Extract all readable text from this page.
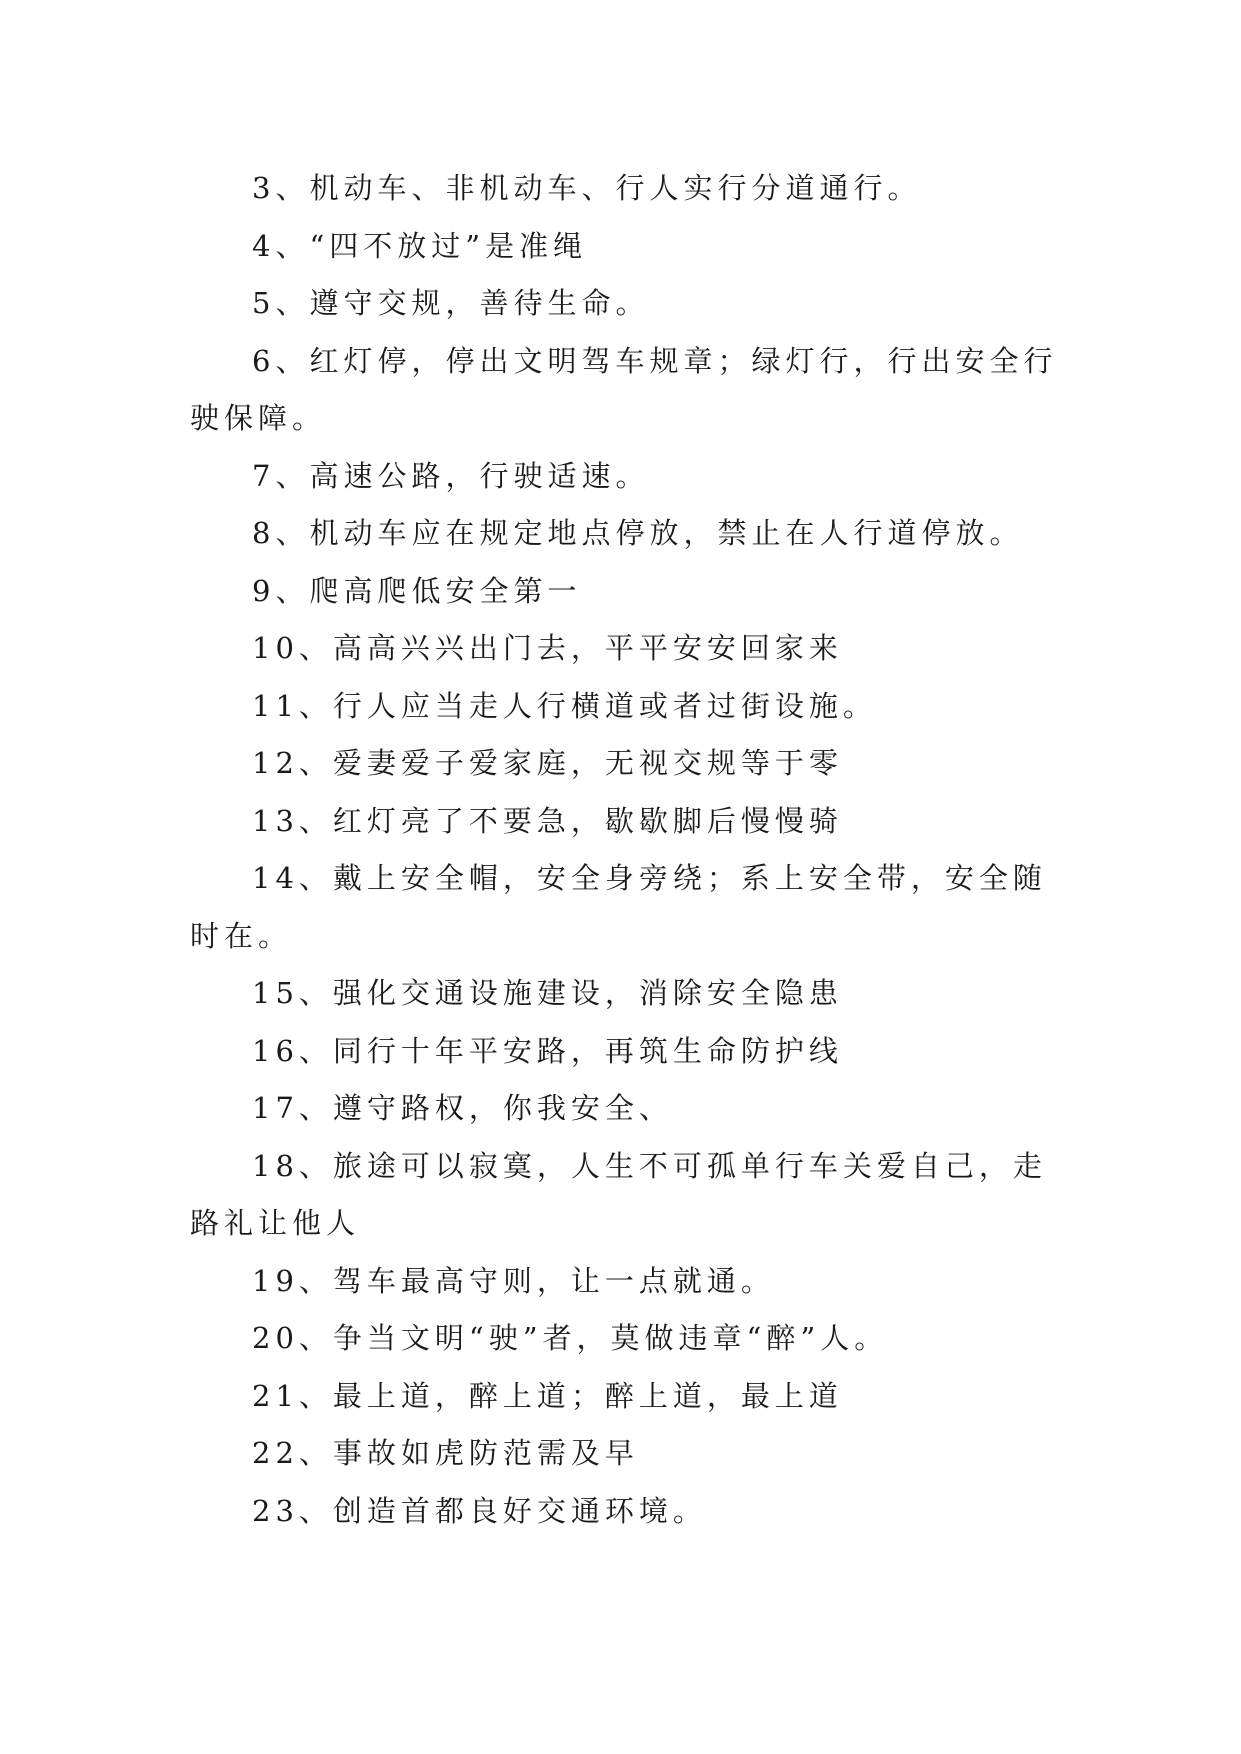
3、机动车、非机动车、行人实行分道通行。

4、“四不放过”是准绳

5、遵守交规，善待生命。

6、红灯停，停出文明驾车规章；绿灯行，行出安全行驶保障。

7、高速公路，行驶适速。

8、机动车应在规定地点停放，禁止在人行道停放。

9、爬高爬低安全第一

10、高高兴兴出门去，平平安安回家来

11、行人应当走人行横道或者过街设施。

12、爱妻爱子爱家庭，无视交规等于零

13、红灯亮了不要急，歇歇脚后慢慢骑

14、戴上安全帽，安全身旁绕；系上安全带，安全随时在。

15、强化交通设施建设，消除安全隐患

16、同行十年平安路，再筑生命防护线

17、遵守路权，你我安全、

18、旅途可以寂寞，人生不可孤单行车关爱自己，走路礼让他人

19、驾车最高守则，让一点就通。

20、争当文明“驶”者，莫做违章“醉”人。

21、最上道，醉上道；醉上道，最上道

22、事故如虎防范需及早

23、创造首都良好交通环境。
